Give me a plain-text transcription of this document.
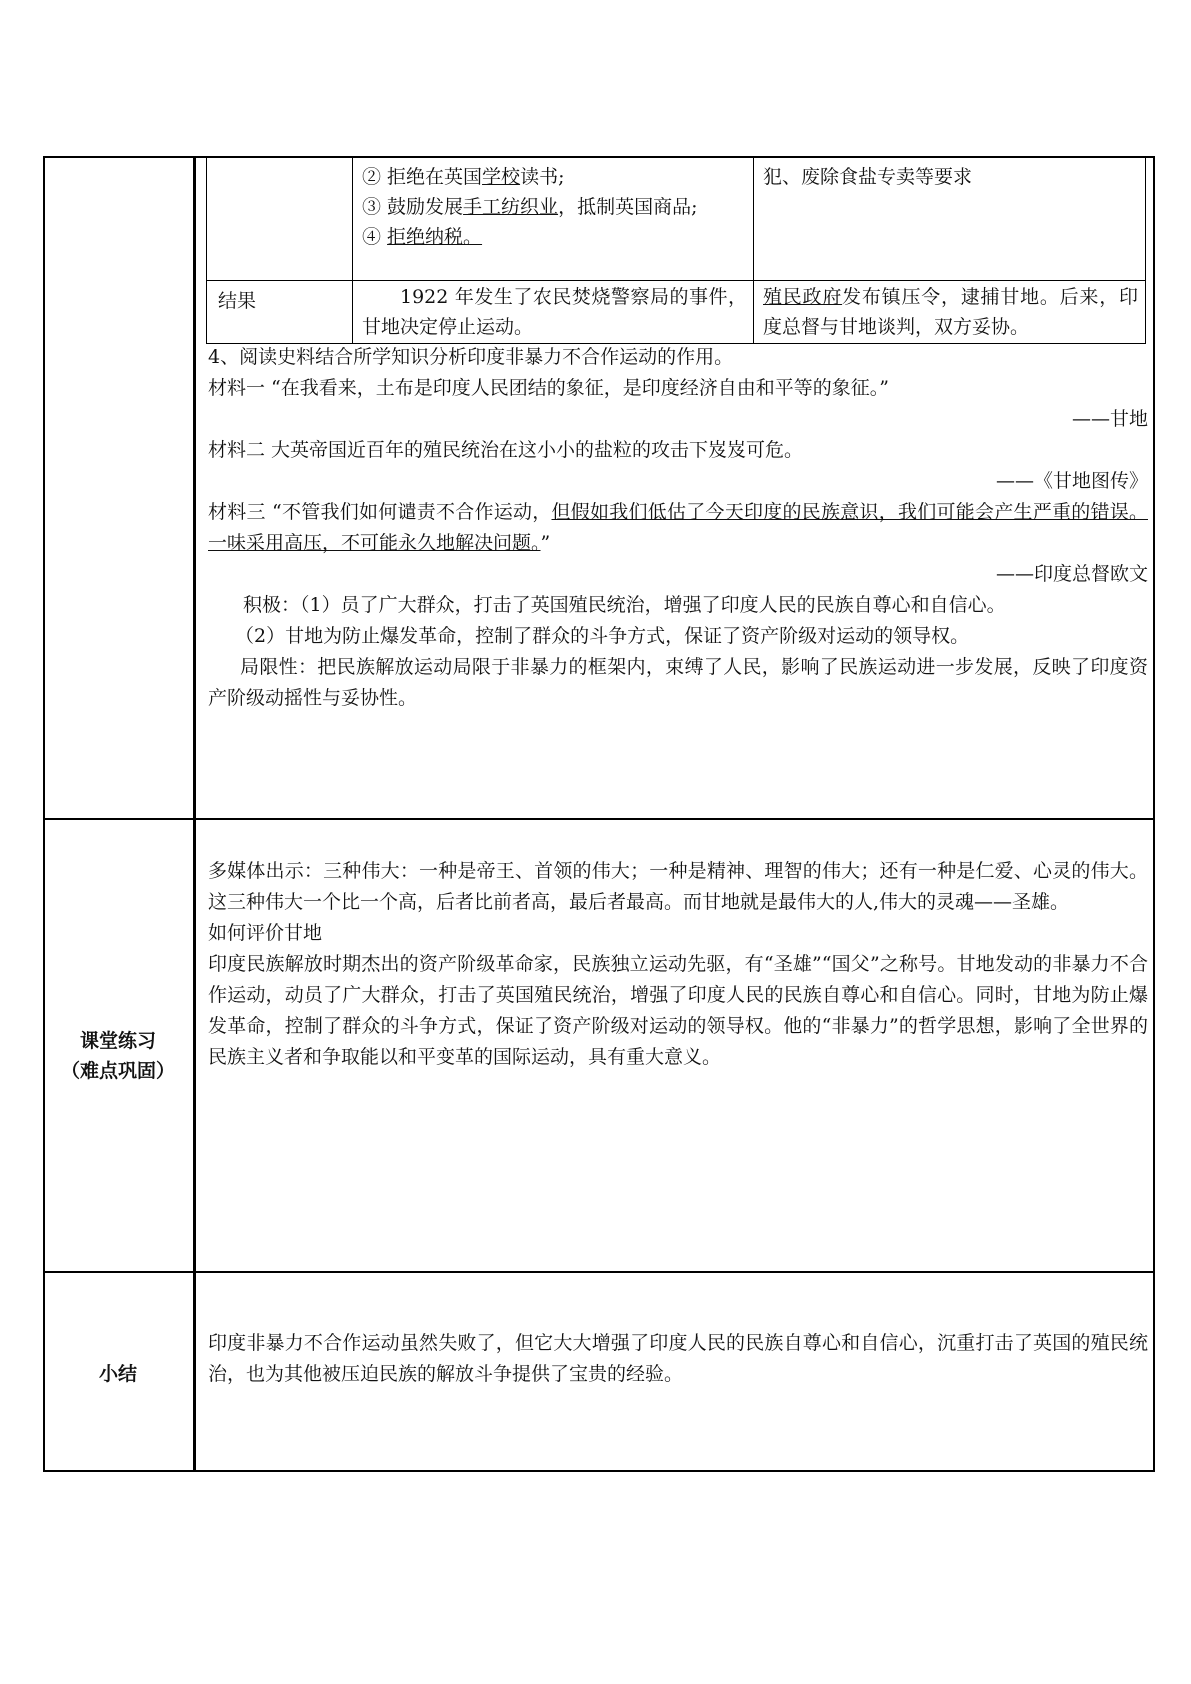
② 拒绝在英国学校读书;

③ 鼓励发展手工纺织业，抵制英国商品;

④ 拒绝纳税。

犯、废除食盐专卖等要求
结果	1922 年发生了农民焚烧警察局的事件，甘地决定停止运动。
殖民政府发布镇压令，逮捕甘地。后来，印度总督与甘地谈判，双方妥协。

4、阅读史料结合所学知识分析印度非暴力不合作运动的作用。

材料一 “在我看来，土布是印度人民团结的象征，是印度经济自由和平等的象征。”

——甘地

材料二 大英帝国近百年的殖民统治在这小小的盐粒的攻击下岌岌可危。

——《甘地图传》

材料三 “不管我们如何谴责不合作运动，但假如我们低估了今天印度的民族意识，我们可能会产生严重的错误。一味采用高压，不可能永久地解决问题。”

——印度总督欧文

积极：（1）员了广大群众，打击了英国殖民统治，增强了印度人民的民族自尊心和自信心。

（2）甘地为防止爆发革命，控制了群众的斗争方式，保证了资产阶级对运动的领导权。

局限性：把民族解放运动局限于非暴力的框架内，束缚了人民，影响了民族运动进一步发展，反映了印度资产阶级动摇性与妥协性。

课堂练习
（难点巩固）

多媒体出示：三种伟大：一种是帝王、首领的伟大；一种是精神、理智的伟大；还有一种是仁爱、心灵的伟大。这三种伟大一个比一个高，后者比前者高，最后者最高。而甘地就是最伟大的人,伟大的灵魂——圣雄。

如何评价甘地

印度民族解放时期杰出的资产阶级革命家，民族独立运动先驱，有“圣雄”“国父”之称号。甘地发动的非暴力不合作运动，动员了广大群众，打击了英国殖民统治，增强了印度人民的民族自尊心和自信心。同时，甘地为防止爆发革命，控制了群众的斗争方式，保证了资产阶级对运动的领导权。他的“非暴力”的哲学思想，影响了全世界的民族主义者和争取能以和平变革的国际运动，具有重大意义。

小结

印度非暴力不合作运动虽然失败了，但它大大增强了印度人民的民族自尊心和自信心，沉重打击了英国的殖民统治，也为其他被压迫民族的解放斗争提供了宝贵的经验。
